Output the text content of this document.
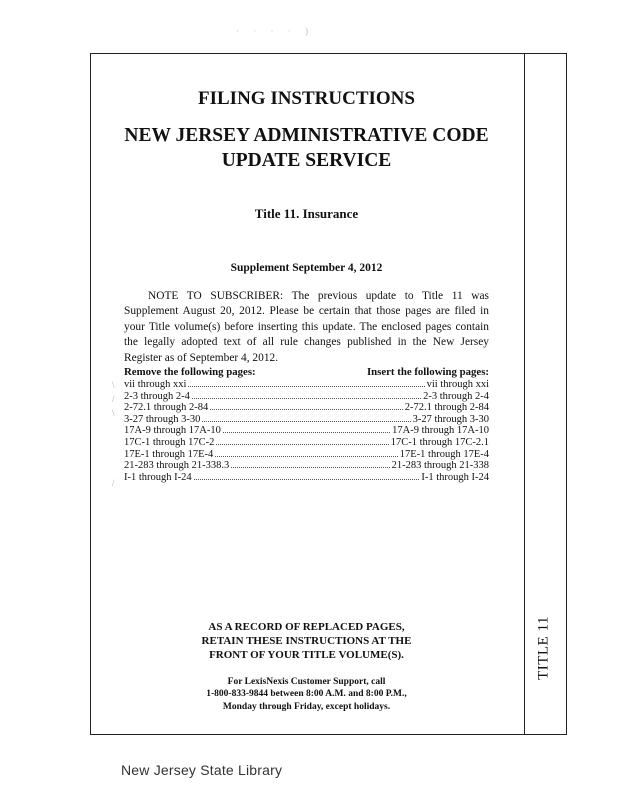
· · · · )
TITLE 11
FILING INSTRUCTIONS
NEW JERSEY ADMINISTRATIVE CODE
UPDATE SERVICE
Title 11. Insurance
Supplement September 4, 2012

NOTE TO SUBSCRIBER: The previous update to Title 11 was Supplement August 20, 2012. Please be certain that those pages are filed in your Title volume(s) before inserting this update. The enclosed pages contain the legally adopted text of all rule changes published in the New Jersey Register as of September 4, 2012.

Remove the following pages:	Insert the following pages:
vii through xxi	vii through xxi
2-3 through 2-4	2-3 through 2-4
2-72.1 through 2-84	2-72.1 through 2-84
3-27 through 3-30	3-27 through 3-30
17A-9 through 17A-10	17A-9 through 17A-10
17C-1 through 17C-2	17C-1 through 17C-2.1
17E-1 through 17E-4	17E-1 through 17E-4
21-283 through 21-338.3	21-283 through 21-338
I-1 through I-24	I-1 through I-24
\
/
\
/
AS A RECORD OF REPLACED PAGES,
RETAIN THESE INSTRUCTIONS AT THE
FRONT OF YOUR TITLE VOLUME(S).
For LexisNexis Customer Support, call
1-800-833-9844 between 8:00 A.M. and 8:00 P.M.,
Monday through Friday, except holidays.
New Jersey State Library
